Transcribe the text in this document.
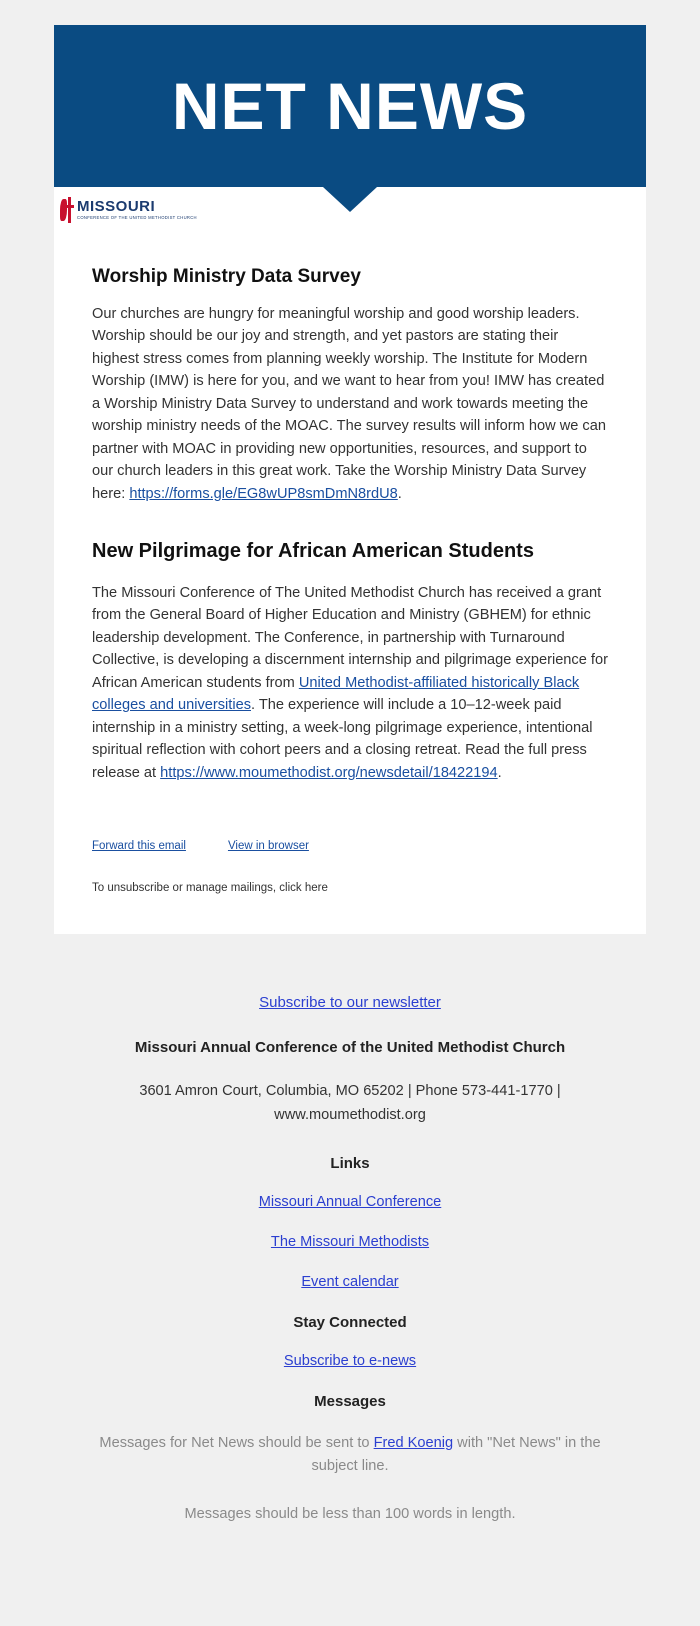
NET NEWS
MISSOURI
CONFERENCE OF THE UNITED METHODIST CHURCH
Worship Ministry Data Survey

Our churches are hungry for meaningful worship and good worship leaders. Worship should be our joy and strength, and yet pastors are stating their highest stress comes from planning weekly worship. The Institute for Modern Worship (IMW) is here for you, and we want to hear from you! IMW has created a Worship Ministry Data Survey to understand and work towards meeting the worship ministry needs of the MOAC. The survey results will inform how we can partner with MOAC in providing new opportunities, resources, and support to our church leaders in this great work. Take the Worship Ministry Data Survey here: https://forms.gle/EG8wUP8smDmN8rdU8.

New Pilgrimage for African American Students

The Missouri Conference of The United Methodist Church has received a grant from the General Board of Higher Education and Ministry (GBHEM) for ethnic leadership development. The Conference, in partnership with Turnaround Collective, is developing a discernment internship and pilgrimage experience for African American students from United Methodist-affiliated historically Black colleges and universities. The experience will include a 10–12-week paid internship in a ministry setting, a week-long pilgrimage experience, intentional spiritual reflection with cohort peers and a closing retreat. Read the full press release at https://www.moumethodist.org/newsdetail/18422194.

Forward this email	View in browser
To unsubscribe or manage mailings, click here
Subscribe to our newsletter
Missouri Annual Conference of the United Methodist Church
3601 Amron Court, Columbia, MO 65202 | Phone 573-441-1770 | www.moumethodist.org
Links
Missouri Annual Conference
The Missouri Methodists
Event calendar
Stay Connected
Subscribe to e-news
Messages
Messages for Net News should be sent to Fred Koenig with "Net News" in the subject line.
Messages should be less than 100 words in length.
